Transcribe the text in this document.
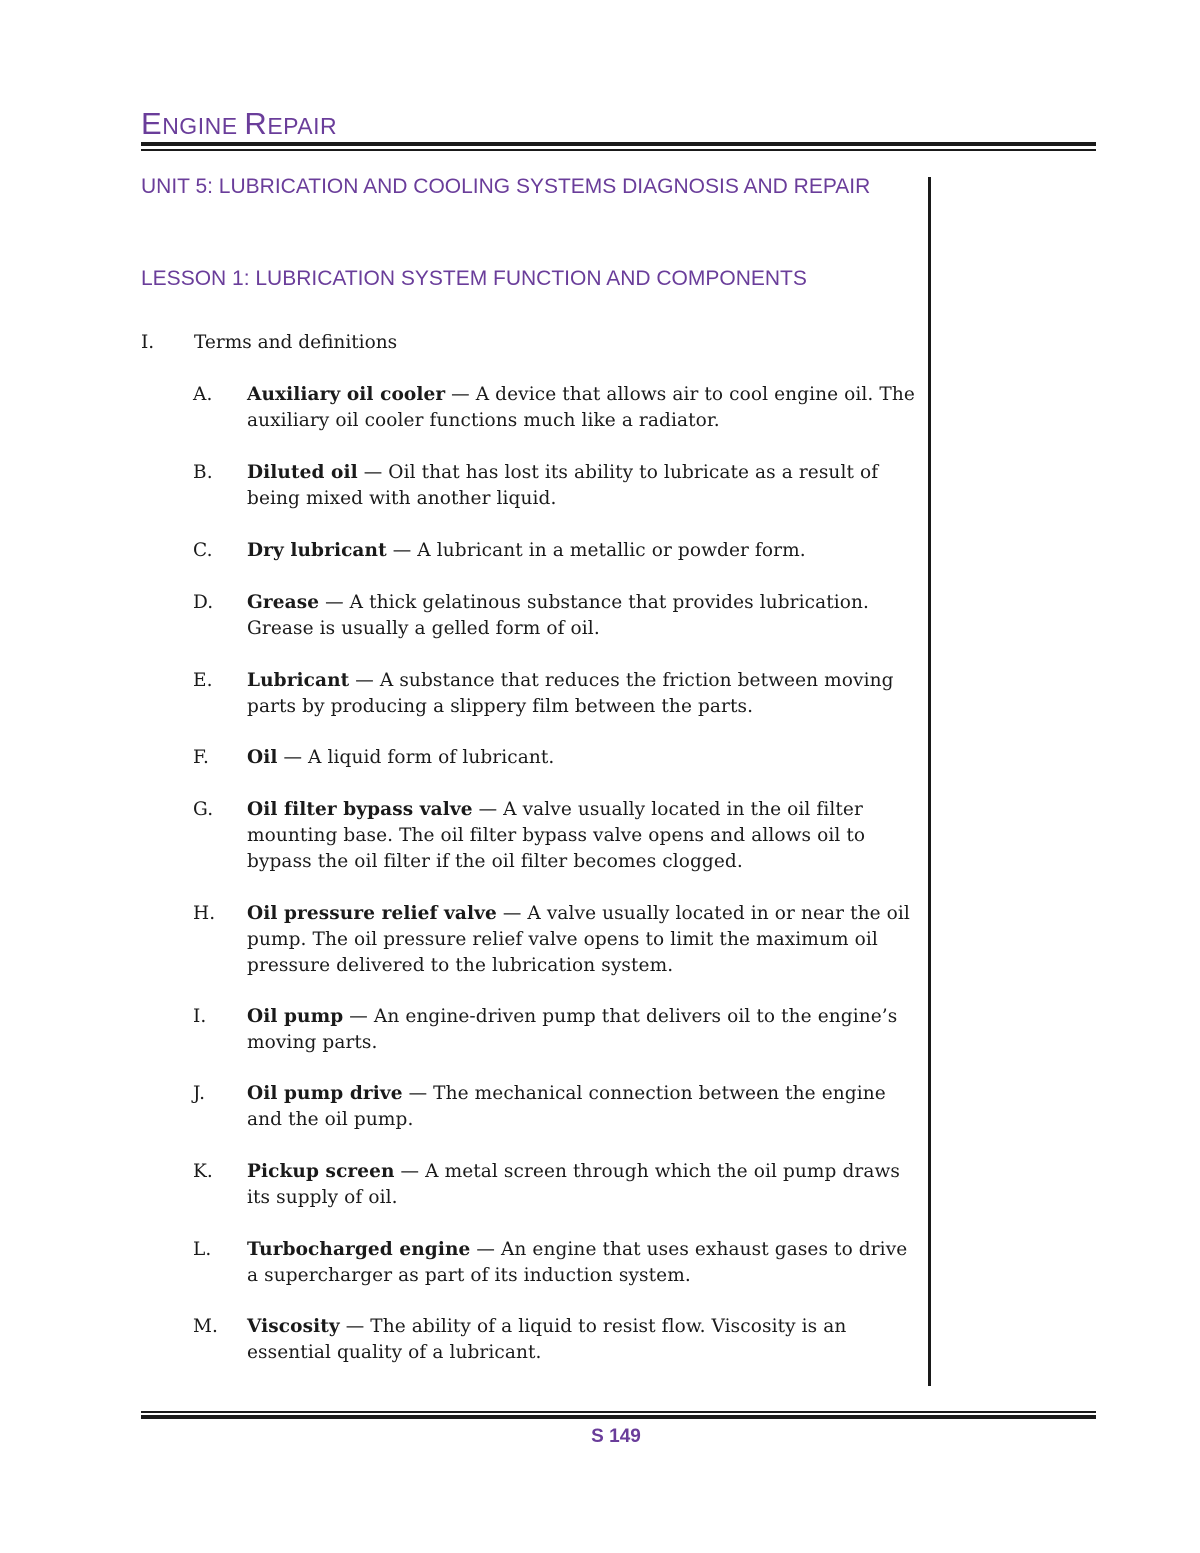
ENGINE REPAIR
UNIT 5: LUBRICATION AND COOLING SYSTEMS DIAGNOSIS AND REPAIR
LESSON 1: LUBRICATION SYSTEM FUNCTION AND COMPONENTS
I. Terms and definitions
A. Auxiliary oil cooler — A device that allows air to cool engine oil. The auxiliary oil cooler functions much like a radiator.
B. Diluted oil — Oil that has lost its ability to lubricate as a result of being mixed with another liquid.
C. Dry lubricant — A lubricant in a metallic or powder form.
D. Grease — A thick gelatinous substance that provides lubrication. Grease is usually a gelled form of oil.
E. Lubricant — A substance that reduces the friction between moving parts by producing a slippery film between the parts.
F. Oil — A liquid form of lubricant.
G. Oil filter bypass valve — A valve usually located in the oil filter mounting base. The oil filter bypass valve opens and allows oil to bypass the oil filter if the oil filter becomes clogged.
H. Oil pressure relief valve — A valve usually located in or near the oil pump. The oil pressure relief valve opens to limit the maximum oil pressure delivered to the lubrication system.
I. Oil pump — An engine-driven pump that delivers oil to the engine’s moving parts.
J. Oil pump drive — The mechanical connection between the engine and the oil pump.
K. Pickup screen — A metal screen through which the oil pump draws its supply of oil.
L. Turbocharged engine — An engine that uses exhaust gases to drive a supercharger as part of its induction system.
M. Viscosity — The ability of a liquid to resist flow. Viscosity is an essential quality of a lubricant.
S 149
